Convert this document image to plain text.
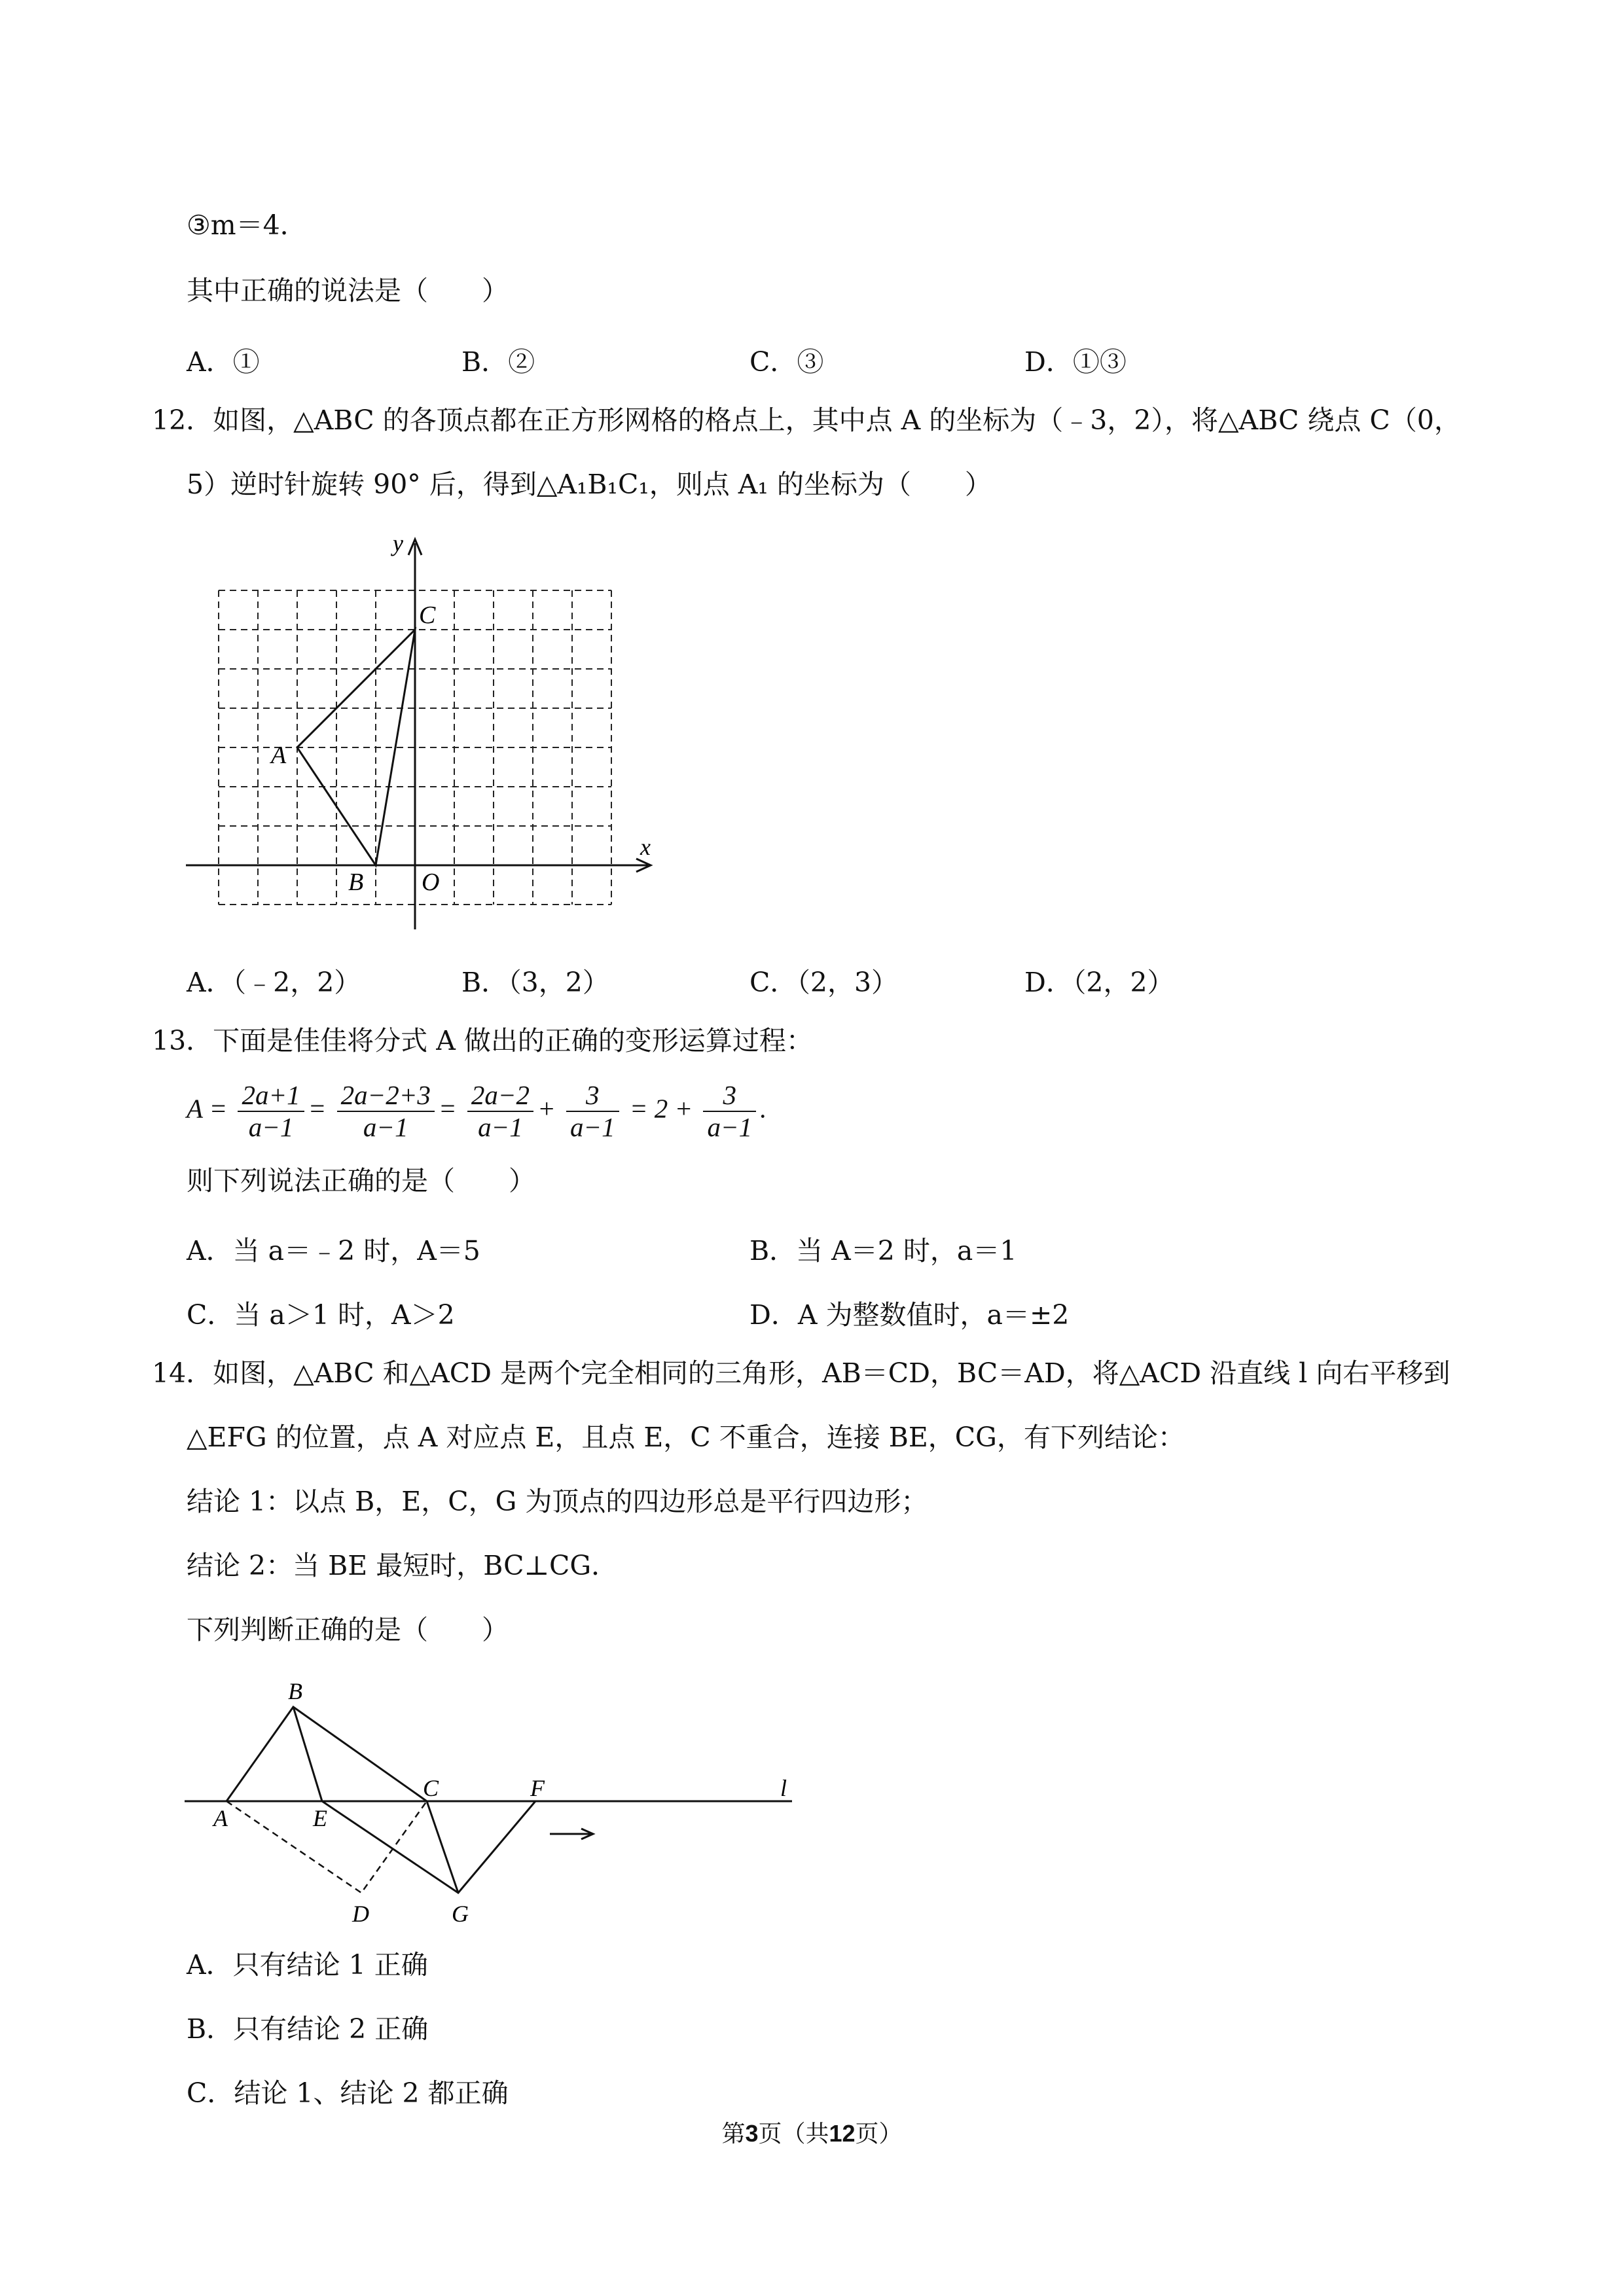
③m＝4．
其中正确的说法是（　　）
A．①	B．②	C．③	D．①③
12．如图，△ABC 的各顶点都在正方形网格的格点上，其中点 A 的坐标为（﹣3，2），将△ABC 绕点 C（0，
5）逆时针旋转 90° 后，得到△A₁B₁C₁，则点 A₁ 的坐标为（　　）
y
x
C
A
B O
A．（﹣2，2）	B．（3，2）	C．（2，3）	D．（2，2）
13．下面是佳佳将分式 A 做出的正确的变形运算过程：
$A = \frac{2a+1}{a-1} = \frac{2a-2+3}{a-1} = \frac{2a-2}{a-1} + \frac{3}{a-1} = 2 + \frac{3}{a-1}$ .
则下列说法正确的是（　　）
A．当 a＝﹣2 时，A＝5	B．当 A＝2 时，a＝1
C．当 a＞1 时，A＞2	D．A 为整数值时，a＝±2
14．如图，△ABC 和△ACD 是两个完全相同的三角形，AB＝CD，BC＝AD，将△ACD 沿直线 l 向右平移到
△EFG 的位置，点 A 对应点 E，且点 E，C 不重合，连接 BE，CG，有下列结论：
结论 1：以点 B，E，C，G 为顶点的四边形总是平行四边形；
结论 2：当 BE 最短时，BC⊥CG．
下列判断正确的是（　　）
B
A	E
C	F	l
D	G
A．只有结论 1 正确
B．只有结论 2 正确
C．结论 1、结论 2 都正确
第3页（共12页）
